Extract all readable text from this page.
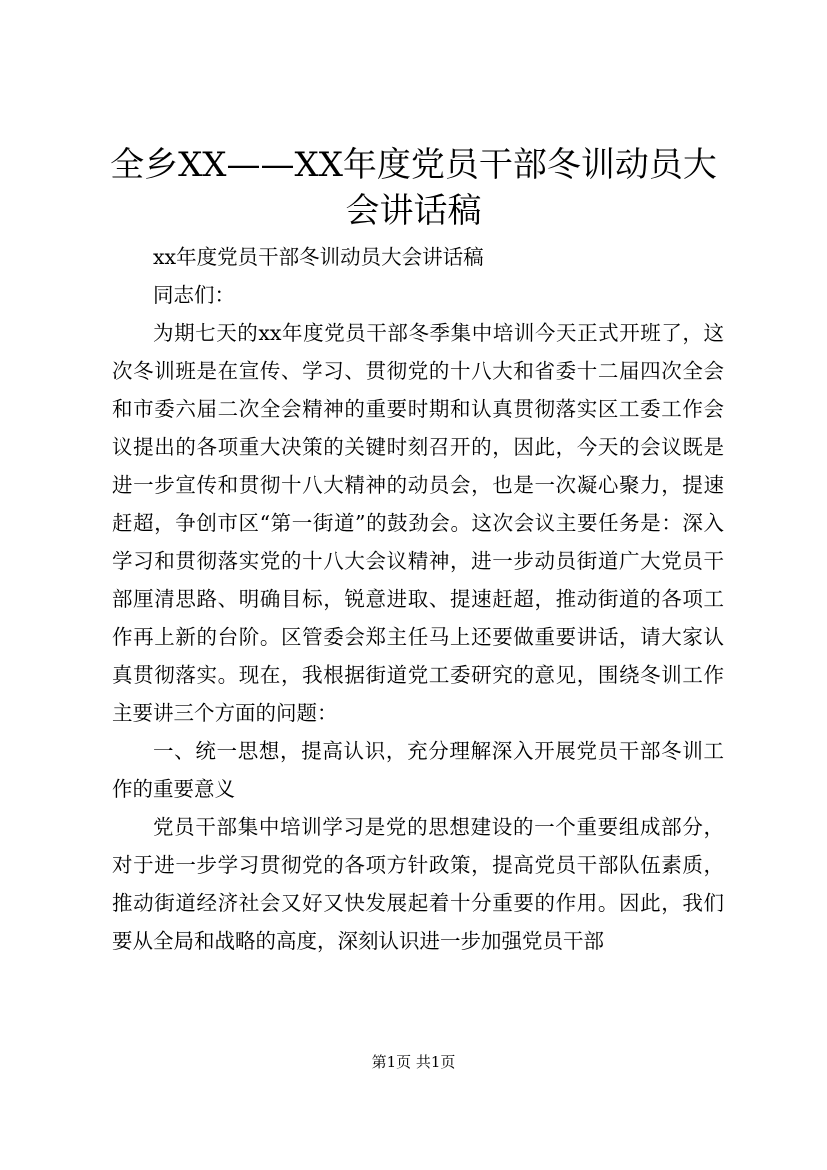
全乡XX——XX年度党员干部冬训动员大会讲话稿

xx年度党员干部冬训动员大会讲话稿

同志们：

为期七天的xx年度党员干部冬季集中培训今天正式开班了，这次冬训班是在宣传、学习、贯彻党的十八大和省委十二届四次全会和市委六届二次全会精神的重要时期和认真贯彻落实区工委工作会议提出的各项重大决策的关键时刻召开的，因此，今天的会议既是进一步宣传和贯彻十八大精神的动员会，也是一次凝心聚力，提速赶超，争创市区“第一街道”的鼓劲会。这次会议主要任务是：深入学习和贯彻落实党的十八大会议精神，进一步动员街道广大党员干部厘清思路、明确目标，锐意进取、提速赶超，推动街道的各项工作再上新的台阶。区管委会郑主任马上还要做重要讲话，请大家认真贯彻落实。现在，我根据街道党工委研究的意见，围绕冬训工作主要讲三个方面的问题：

一、统一思想，提高认识，充分理解深入开展党员干部冬训工作的重要意义

党员干部集中培训学习是党的思想建设的一个重要组成部分，对于进一步学习贯彻党的各项方针政策，提高党员干部队伍素质，推动街道经济社会又好又快发展起着十分重要的作用。因此，我们要从全局和战略的高度，深刻认识进一步加强党员干部

第1页 共1页
